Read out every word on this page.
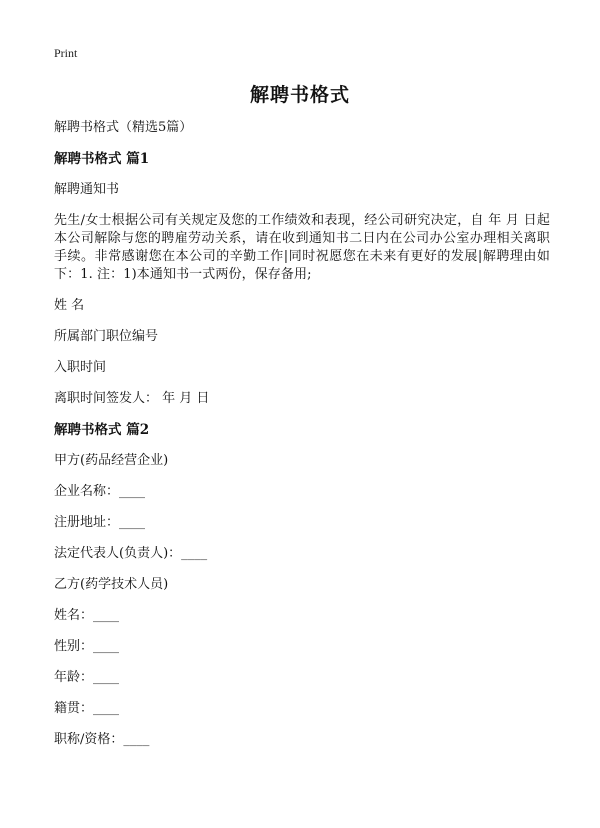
Print
解聘书格式
解聘书格式（精选5篇）
解聘书格式 篇1
解聘通知书
先生/女士根据公司有关规定及您的工作绩效和表现，经公司研究决定，自 年 月 日起本公司解除与您的聘雇劳动关系，请在收到通知书二日内在公司办公室办理相关离职手续。非常感谢您在本公司的辛勤工作|同时祝愿您在未来有更好的发展|解聘理由如下：1. 注：1)本通知书一式两份，保存备用;
姓 名
所属部门职位编号
入职时间
离职时间签发人： 年 月 日
解聘书格式 篇2
甲方(药品经营企业)
企业名称：____
注册地址：____
法定代表人(负责人)：____
乙方(药学技术人员)
姓名：____
性别：____
年龄：____
籍贯：____
职称/资格：____
